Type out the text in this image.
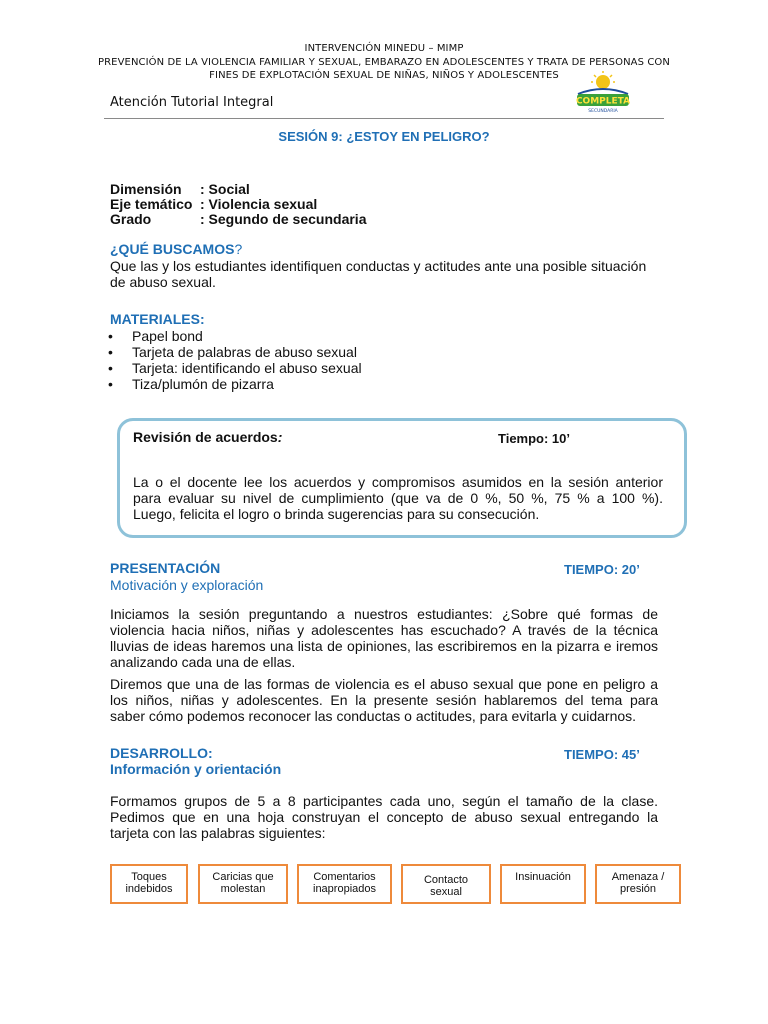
INTERVENCIÓN MINEDU – MIMP
PREVENCIÓN DE LA VIOLENCIA FAMILIAR Y SEXUAL, EMBARAZO EN ADOLESCENTES Y TRATA DE PERSONAS CON
FINES DE EXPLOTACIÓN SEXUAL DE NIÑAS, NIÑOS Y ADOLESCENTES
Atención Tutorial Integral
SECUNDARIA
COMPLETA
SESIÓN 9: ¿ESTOY EN PELIGRO?
Dimensión : Social
Eje temático : Violencia sexual
Grado	: Segundo de secundaria
¿QUÉ BUSCAMOS?
Que las y los estudiantes identifiquen conductas y actitudes ante una posible situación
de abuso sexual.
MATERIALES:
• Papel bond
• Tarjeta de palabras de abuso sexual
• Tarjeta: identificando el abuso sexual
• Tiza/plumón de pizarra
Revisión de acuerdos:	Tiempo: 10’
La o el docente lee los acuerdos y compromisos asumidos en la sesión anterior
para evaluar su nivel de cumplimiento (que va de 0 %, 50 %, 75 % a 100 %).
Luego, felicita el logro o brinda sugerencias para su consecución.
PRESENTACIÓN	TIEMPO: 20’
Motivación y exploración
Iniciamos la sesión preguntando a nuestros estudiantes: ¿Sobre qué formas de
violencia hacia niños, niñas y adolescentes has escuchado? A través de la técnica
lluvias de ideas haremos una lista de opiniones, las escribiremos en la pizarra e iremos
analizando cada una de ellas.
Diremos que una de las formas de violencia es el abuso sexual que pone en peligro a
los niños, niñas y adolescentes. En la presente sesión hablaremos del tema para
saber cómo podemos reconocer las conductas o actitudes, para evitarla y cuidarnos.
DESARROLLO:	TIEMPO: 45’
Información y orientación
Formamos grupos de 5 a 8 participantes cada uno, según el tamaño de la clase.
Pedimos que en una hoja construyan el concepto de abuso sexual entregando la
tarjeta con las palabras siguientes:
Toques
indebidos
Caricias que
molestan
Comentarios
inapropiados
Contacto
sexual
Insinuación	Amenaza /
presión
